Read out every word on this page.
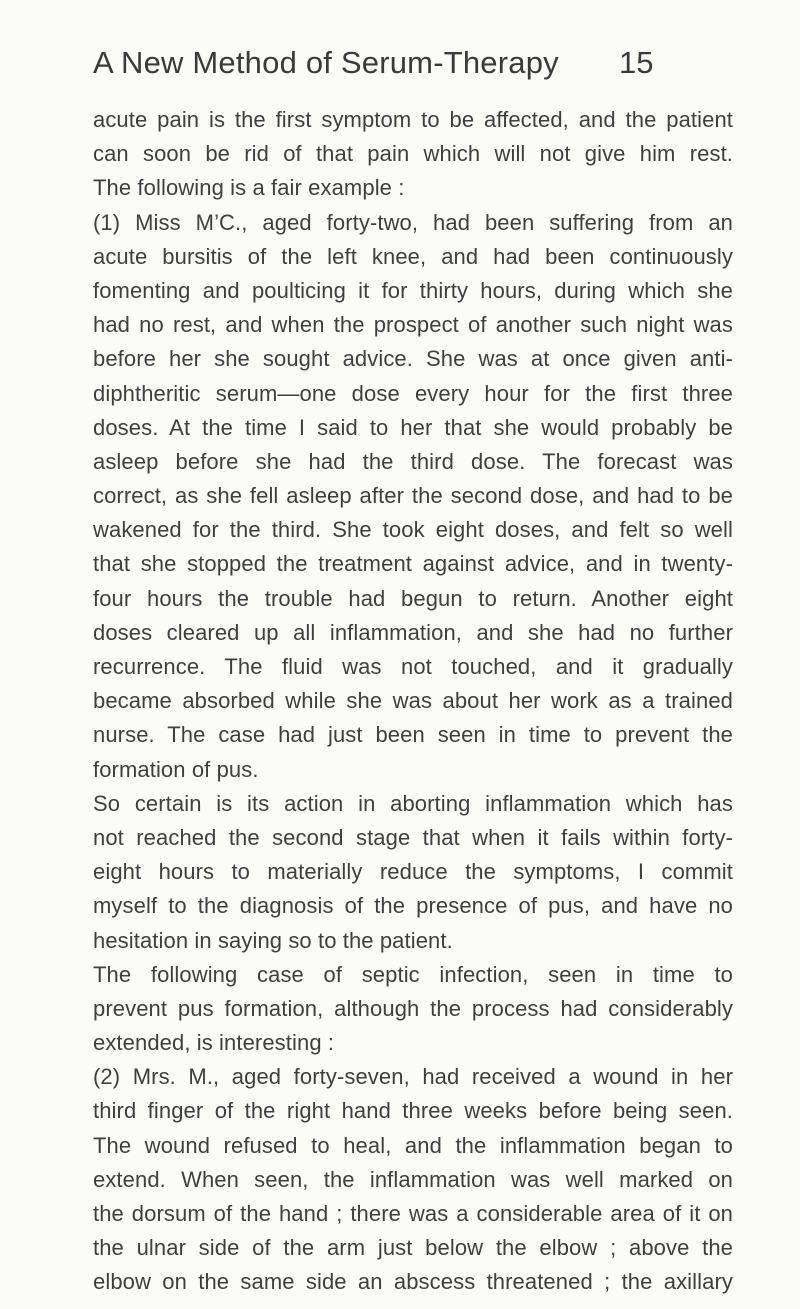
A New Method of Serum-Therapy 15
acute pain is the first symptom to be affected, and the patient
can soon be rid of that pain which will not give him rest.
The following is a fair example :
(1) Miss M’C., aged forty-two, had been suffering from an
acute bursitis of the left knee, and had been continuously
fomenting and poulticing it for thirty hours, during which she
had no rest, and when the prospect of another such night was
before her she sought advice. She was at once given anti-
diphtheritic serum—one dose every hour for the first three
doses. At the time I said to her that she would probably be
asleep before she had the third dose. The forecast was
correct, as she fell asleep after the second dose, and had to be
wakened for the third. She took eight doses, and felt so well
that she stopped the treatment against advice, and in twenty-
four hours the trouble had begun to return. Another eight
doses cleared up all inflammation, and she had no further
recurrence. The fluid was not touched, and it gradually
became absorbed while she was about her work as a trained
nurse. The case had just been seen in time to prevent the
formation of pus.
So certain is its action in aborting inflammation which has
not reached the second stage that when it fails within forty-
eight hours to materially reduce the symptoms, I commit
myself to the diagnosis of the presence of pus, and have no
hesitation in saying so to the patient.
The following case of septic infection, seen in time to
prevent pus formation, although the process had considerably
extended, is interesting :
(2) Mrs. M., aged forty-seven, had received a wound in her
third finger of the right hand three weeks before being seen.
The wound refused to heal, and the inflammation began to
extend. When seen, the inflammation was well marked on
the dorsum of the hand ; there was a considerable area of it on
the ulnar side of the arm just below the elbow ; above the
elbow on the same side an abscess threatened ; the axillary
